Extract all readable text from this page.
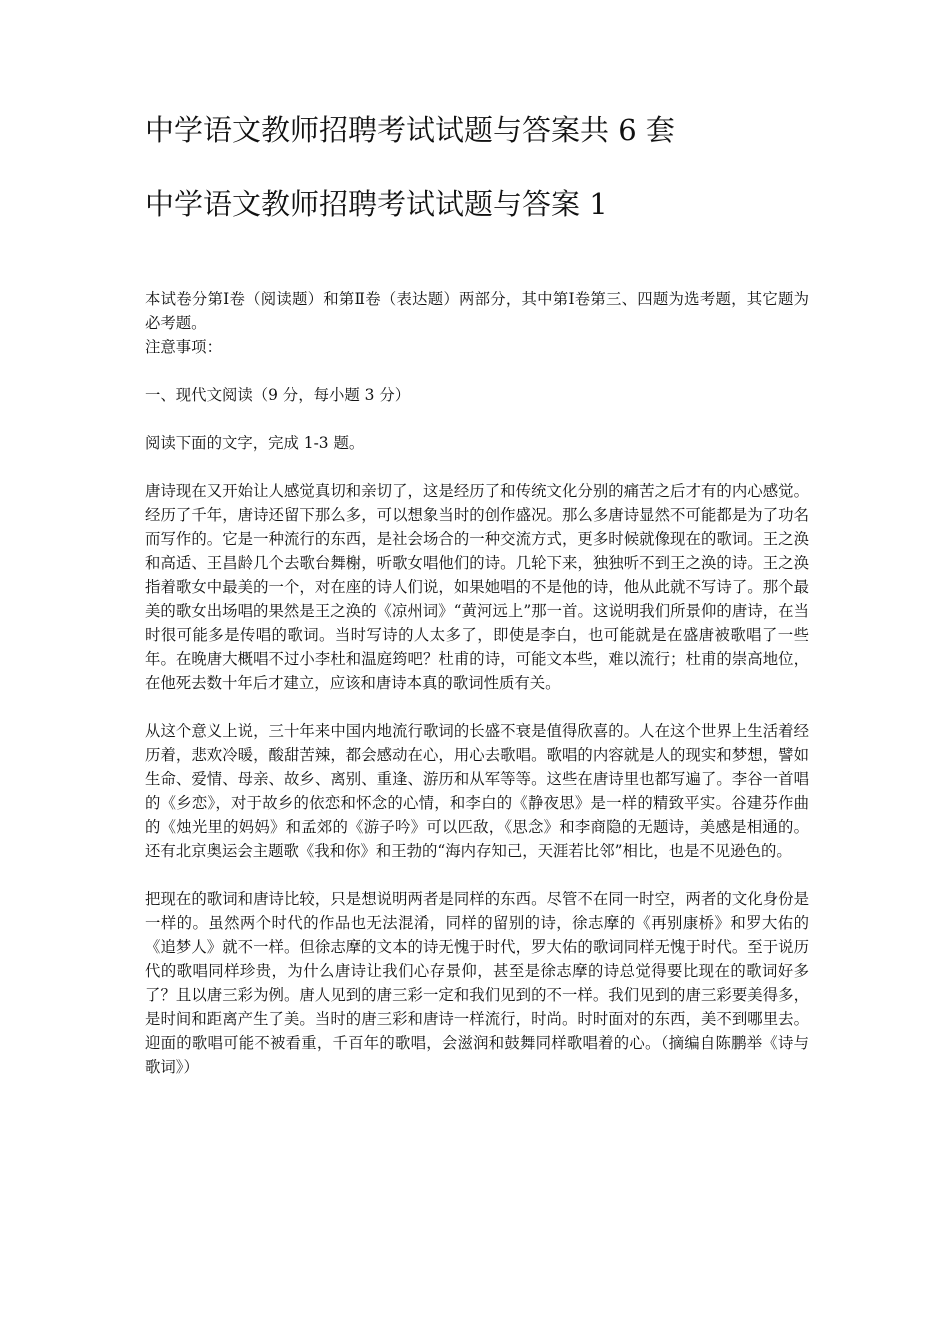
中学语文教师招聘考试试题与答案共 6 套
中学语文教师招聘考试试题与答案 1

本试卷分第Ⅰ卷（阅读题）和第Ⅱ卷（表达题）两部分，其中第Ⅰ卷第三、四题为选考题，其它题为必考题。

注意事项：

一、现代文阅读（9 分，每小题 3 分）

阅读下面的文字，完成 1-3 题。

唐诗现在又开始让人感觉真切和亲切了，这是经历了和传统文化分别的痛苦之后才有的内心感觉。经历了千年，唐诗还留下那么多，可以想象当时的创作盛况。那么多唐诗显然不可能都是为了功名而写作的。它是一种流行的东西，是社会场合的一种交流方式，更多时候就像现在的歌词。王之涣和高适、王昌龄几个去歌台舞榭，听歌女唱他们的诗。几轮下来，独独听不到王之涣的诗。王之涣指着歌女中最美的一个，对在座的诗人们说，如果她唱的不是他的诗，他从此就不写诗了。那个最美的歌女出场唱的果然是王之涣的《凉州词》“黄河远上”那一首。这说明我们所景仰的唐诗，在当时很可能多是传唱的歌词。当时写诗的人太多了，即使是李白，也可能就是在盛唐被歌唱了一些年。在晚唐大概唱不过小李杜和温庭筠吧？杜甫的诗，可能文本些，难以流行；杜甫的崇高地位，在他死去数十年后才建立，应该和唐诗本真的歌词性质有关。

从这个意义上说，三十年来中国内地流行歌词的长盛不衰是值得欣喜的。人在这个世界上生活着经历着，悲欢冷暖，酸甜苦辣，都会感动在心，用心去歌唱。歌唱的内容就是人的现实和梦想，譬如生命、爱情、母亲、故乡、离别、重逢、游历和从军等等。这些在唐诗里也都写遍了。李谷一首唱的《乡恋》，对于故乡的依恋和怀念的心情，和李白的《静夜思》是一样的精致平实。谷建芬作曲的《烛光里的妈妈》和孟郊的《游子吟》可以匹敌，《思念》和李商隐的无题诗，美感是相通的。还有北京奥运会主题歌《我和你》和王勃的“海内存知己，天涯若比邻”相比，也是不见逊色的。

把现在的歌词和唐诗比较，只是想说明两者是同样的东西。尽管不在同一时空，两者的文化身份是一样的。虽然两个时代的作品也无法混淆，同样的留别的诗，徐志摩的《再别康桥》和罗大佑的《追梦人》就不一样。但徐志摩的文本的诗无愧于时代，罗大佑的歌词同样无愧于时代。至于说历代的歌唱同样珍贵，为什么唐诗让我们心存景仰，甚至是徐志摩的诗总觉得要比现在的歌词好多了？且以唐三彩为例。唐人见到的唐三彩一定和我们见到的不一样。我们见到的唐三彩要美得多，是时间和距离产生了美。当时的唐三彩和唐诗一样流行，时尚。时时面对的东西，美不到哪里去。迎面的歌唱可能不被看重，千百年的歌唱，会滋润和鼓舞同样歌唱着的心。（摘编自陈鹏举《诗与歌词》）
